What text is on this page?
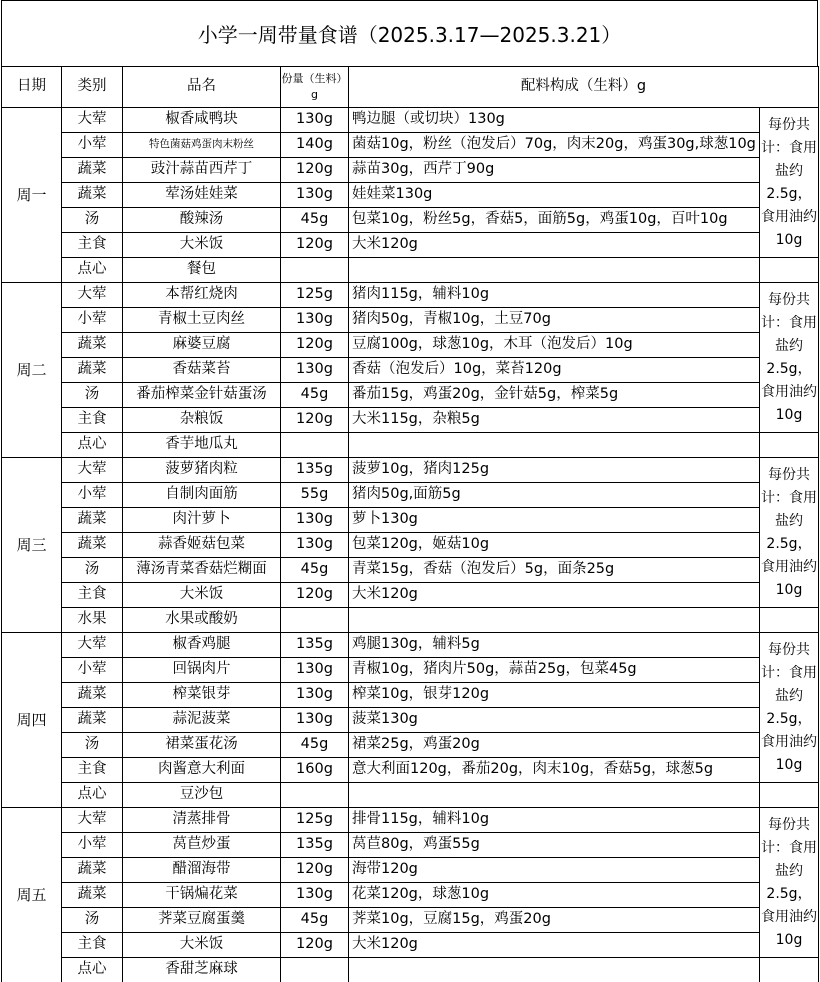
小学一周带量食谱（2025.3.17—2025.3.21）
日期	类别	品名	份量（生料）g	配料构成（生料）g	
周一	大荤	椒香咸鸭块	130g	鸭边腿（或切块）130g	每份共计：食用盐约2.5g，食用油约10g
	小荤	特色菌菇鸡蛋肉末粉丝	140g	菌菇10g，粉丝（泡发后）70g，肉末20g，鸡蛋30g,球葱10g	
	蔬菜	豉汁蒜苗西芹丁	120g	蒜苗30g，西芹丁90g	
	蔬菜	荤汤娃娃菜	130g	娃娃菜130g	
	汤	酸辣汤	45g	包菜10g，粉丝5g，香菇5，面筋5g，鸡蛋10g，百叶10g	
	主食	大米饭	120g	大米120g	
	点心	餐包			
周二	大荤	本帮红烧肉	125g	猪肉115g，辅料10g	每份共计：食用盐约2.5g，食用油约10g
	小荤	青椒土豆肉丝	130g	猪肉50g，青椒10g，土豆70g	
	蔬菜	麻婆豆腐	120g	豆腐100g，球葱10g，木耳（泡发后）10g	
	蔬菜	香菇菜苔	130g	香菇（泡发后）10g，菜苔120g	
	汤	番茄榨菜金针菇蛋汤	45g	番茄15g，鸡蛋20g，金针菇5g，榨菜5g	
	主食	杂粮饭	120g	大米115g，杂粮5g	
	点心	香芋地瓜丸			
周三	大荤	菠萝猪肉粒	135g	菠萝10g，猪肉125g	每份共计：食用盐约2.5g，食用油约10g
	小荤	自制肉面筋	55g	猪肉50g,面筋5g	
	蔬菜	肉汁萝卜	130g	萝卜130g	
	蔬菜	蒜香姬菇包菜	130g	包菜120g，姬菇10g	
	汤	薄汤青菜香菇烂糊面	45g	青菜15g，香菇（泡发后）5g，面条25g	
	主食	大米饭	120g	大米120g	
	水果	水果或酸奶			
周四	大荤	椒香鸡腿	135g	鸡腿130g，辅料5g	每份共计：食用盐约2.5g，食用油约10g
	小荤	回锅肉片	130g	青椒10g，猪肉片50g，蒜苗25g，包菜45g	
	蔬菜	榨菜银芽	130g	榨菜10g，银芽120g	
	蔬菜	蒜泥菠菜	130g	菠菜130g	
	汤	裙菜蛋花汤	45g	裙菜25g，鸡蛋20g	
	主食	肉酱意大利面	160g	意大利面120g，番茄20g，肉末10g，香菇5g，球葱5g	
	点心	豆沙包			
周五	大荤	清蒸排骨	125g	排骨115g，辅料10g	每份共计：食用盐约2.5g，食用油约10g
	小荤	莴苣炒蛋	135g	莴苣80g，鸡蛋55g	
	蔬菜	醋溜海带	120g	海带120g	
	蔬菜	干锅煸花菜	130g	花菜120g，球葱10g	
	汤	荠菜豆腐蛋羹	45g	荠菜10g，豆腐15g，鸡蛋20g	
	主食	大米饭	120g	大米120g	
	点心	香甜芝麻球			
